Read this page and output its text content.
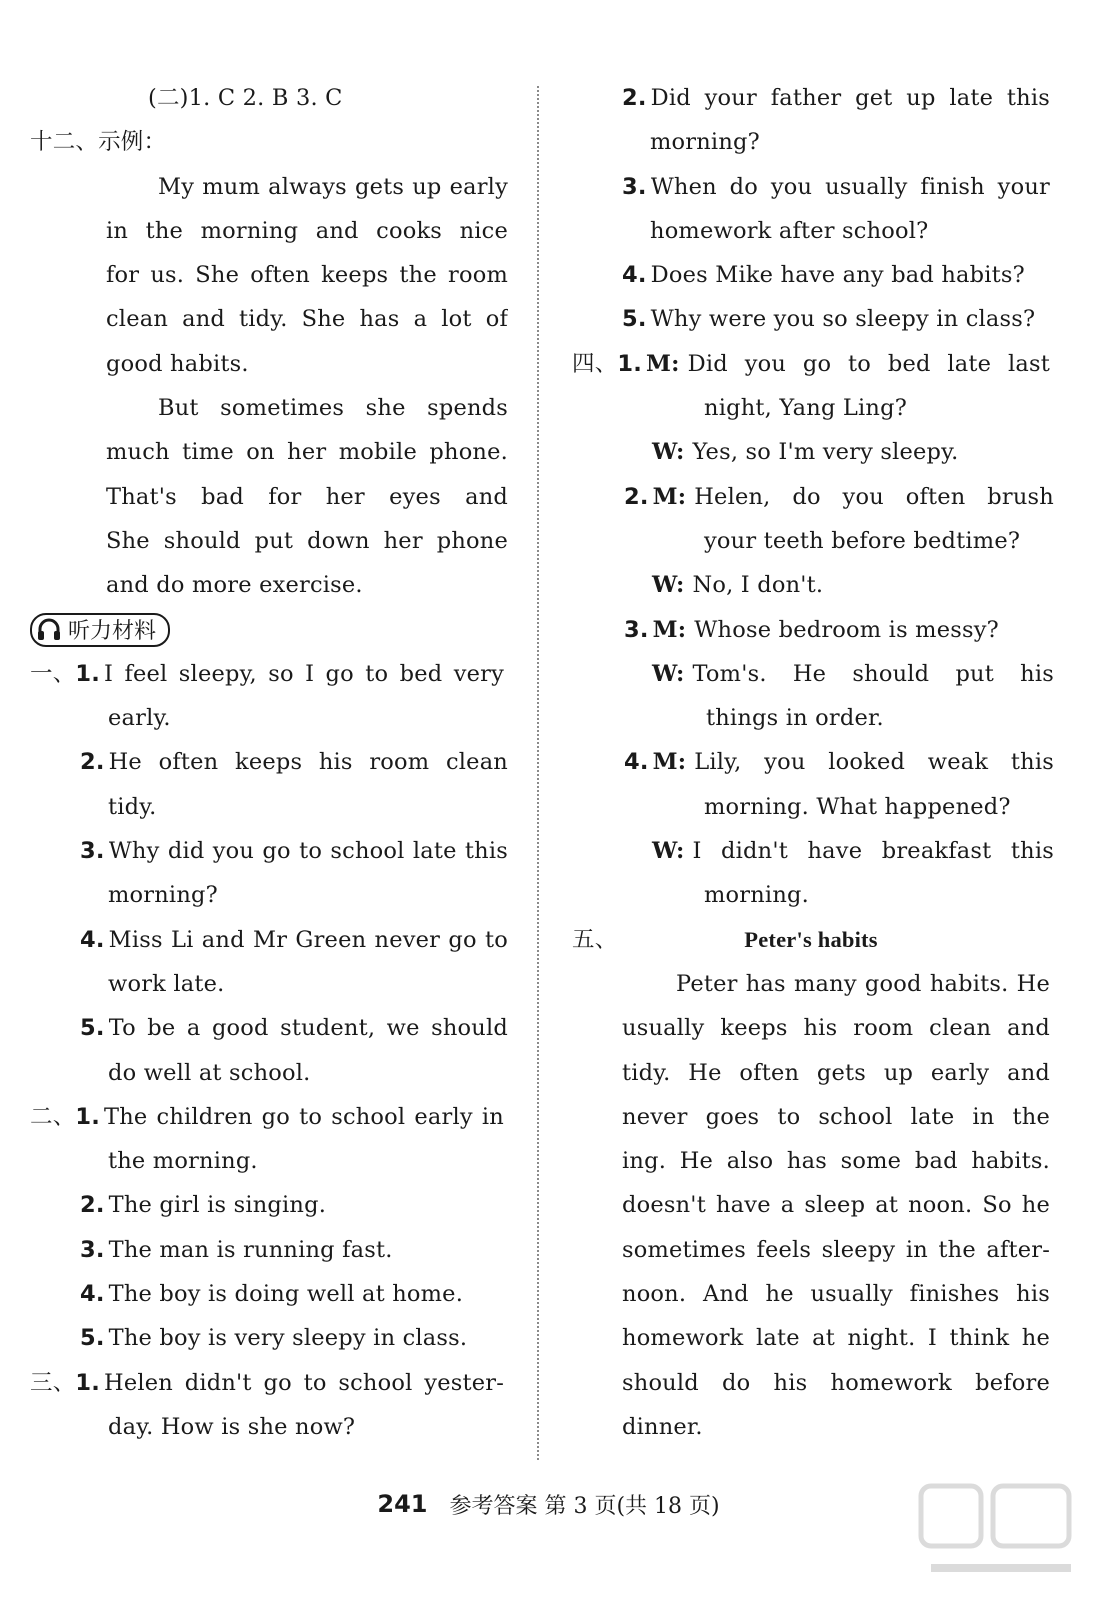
(二)1. C 2. B 3. C
十二、示例：
My mum always gets up early
in the morning and cooks nice
for us. She often keeps the room
clean and tidy. She has a lot of
good habits.
But sometimes she spends
much time on her mobile phone.
That's bad for her eyes and
She should put down her phone
and do more exercise.
听力材料
一、1. I feel sleepy, so I go to bed very
early.
2. He often keeps his room clean
tidy.
3. Why did you go to school late this
morning?
4. Miss Li and Mr Green never go to
work late.
5. To be a good student, we should
do well at school.
二、1. The children go to school early in
the morning.
2. The girl is singing.
3. The man is running fast.
4. The boy is doing well at home.
5. The boy is very sleepy in class.
三、1. Helen didn't go to school yester-
day. How is she now?
2. Did your father get up late this
morning?
3. When do you usually finish your
homework after school?
4. Does Mike have any bad habits?
5. Why were you so sleepy in class?
四、1. M: Did you go to bed late last
night, Yang Ling?
W: Yes, so I'm very sleepy.
2. M: Helen, do you often brush
your teeth before bedtime?
W: No, I don't.
3. M: Whose bedroom is messy?
W: Tom's. He should put his
things in order.
4. M: Lily, you looked weak this
morning. What happened?
W: I didn't have breakfast this
morning.
五、	Peter's habits
Peter has many good habits. He
usually keeps his room clean and
tidy. He often gets up early and
never goes to school late in the
ing. He also has some bad habits.
doesn't have a sleep at noon. So he
sometimes feels sleepy in the after-
noon. And he usually finishes his
homework late at night. I think he
should do his homework before
dinner.
241 参考答案 第 3 页(共 18 页)
